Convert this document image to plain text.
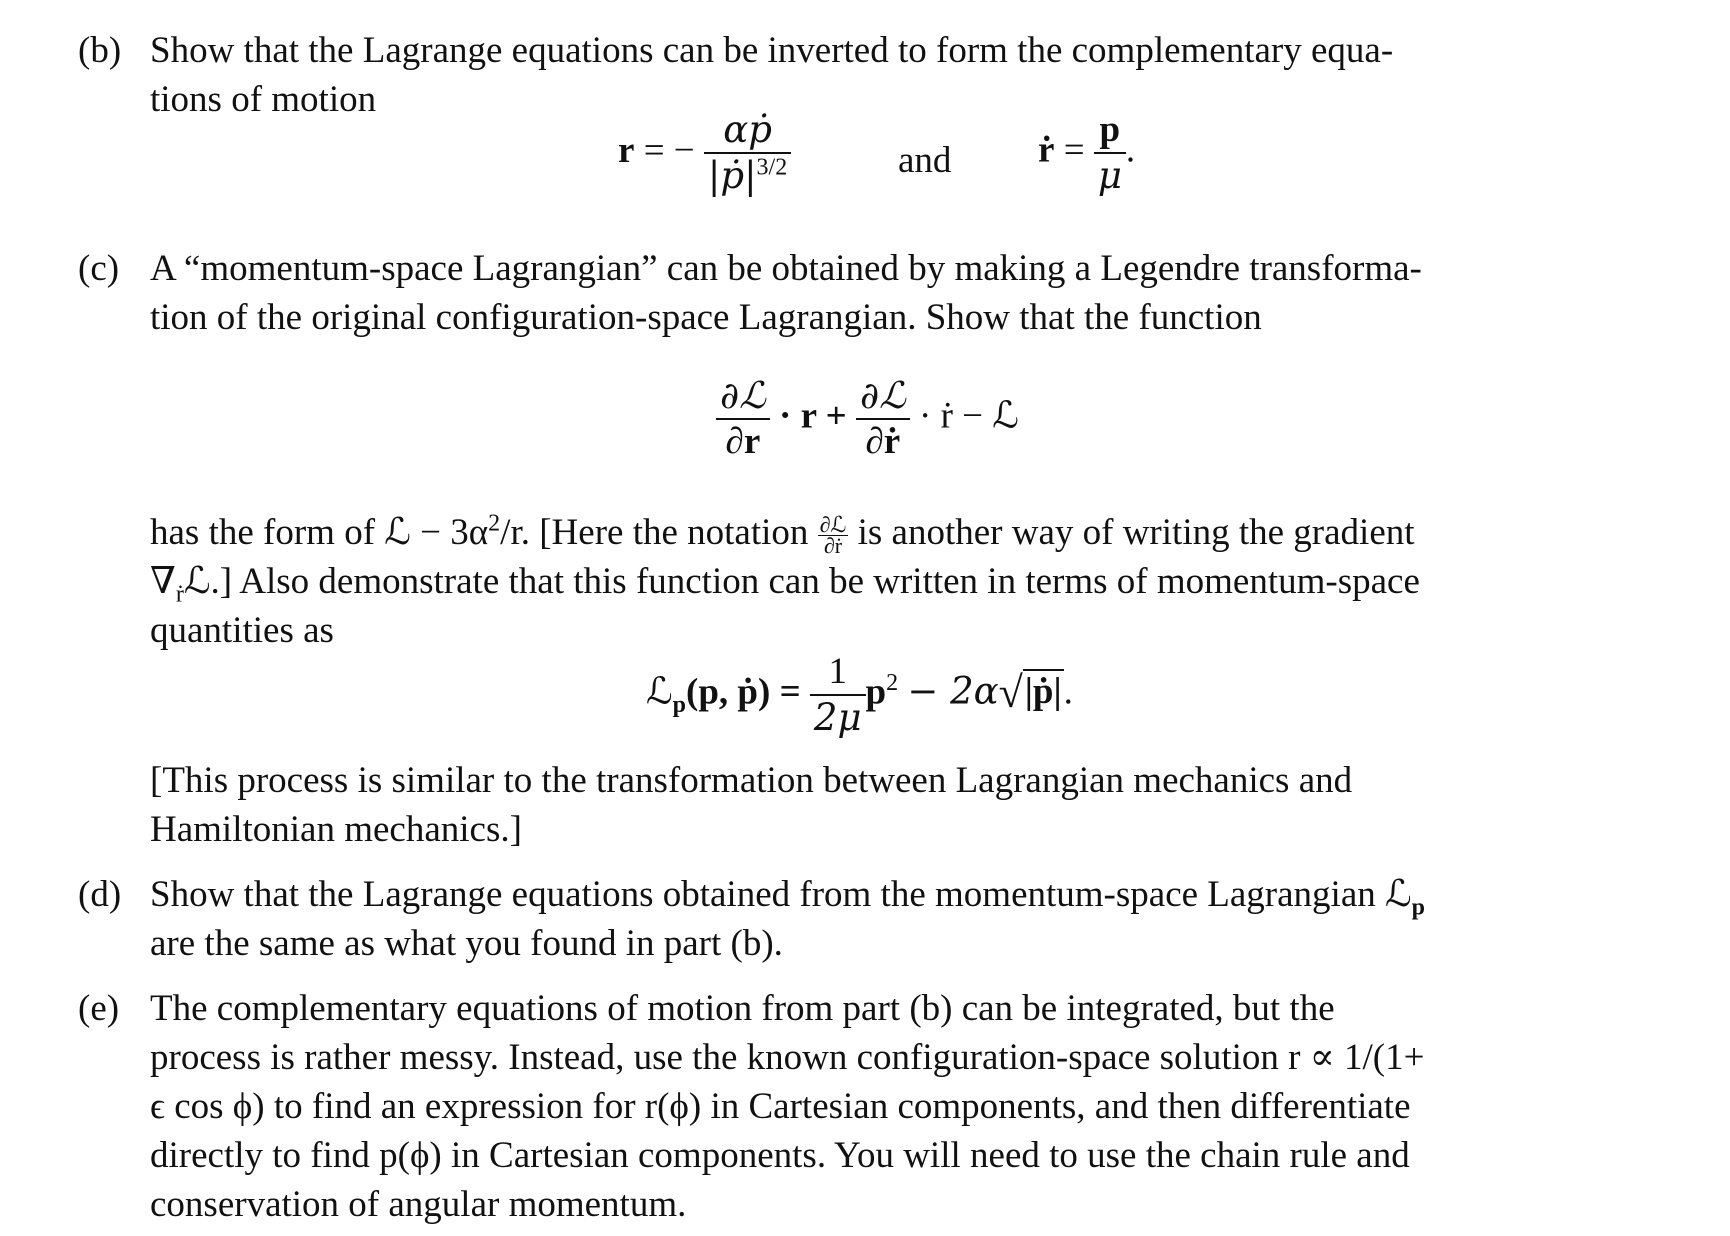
(b) Show that the Lagrange equations can be inverted to form the complementary equa-
tions of motion
r = − $\frac{\text{αṗ}}{|ṗ|^{3/2}}$	and ṙ = $\frac{p}{\mu}$ .
(c) A “momentum-space Lagrangian” can be obtained by making a Legendre transforma-
tion of the original configuration-space Lagrangian. Show that the function
$\frac{\text{∂ℒ}}{\partial r} \cdot r + \frac{\text{∂ℒ}}{\text{∂ṙ}}$ · ṙ − ℒ
has the form of ℒ − $3\alpha^2/r$. [Here the notation $\frac{\text{∂ℒ}}{\text{∂ṙ}}$ is another way of writing the gradient
$\nabla_ṙℒ$.] Also demonstrate that this function can be written in terms of momentum-space
quantities as
ℒ$_p$(p, ṗ) = $\frac{1}{2\mu} p^2$ − 2α√|ṗ|.
[This process is similar to the transformation between Lagrangian mechanics and
Hamiltonian mechanics.]
(d) Show that the Lagrange equations obtained from the momentum-space Lagrangian ℒ$_p$
are the same as what you found in part (b).
(e) The complementary equations of motion from part (b) can be integrated, but the
process is rather messy. Instead, use the known configuration-space solution r ∝ 1/(1+
ϵ cos ϕ) to find an expression for r(ϕ) in Cartesian components, and then differentiate
directly to find p(ϕ) in Cartesian components. You will need to use the chain rule and
conservation of angular momentum.
